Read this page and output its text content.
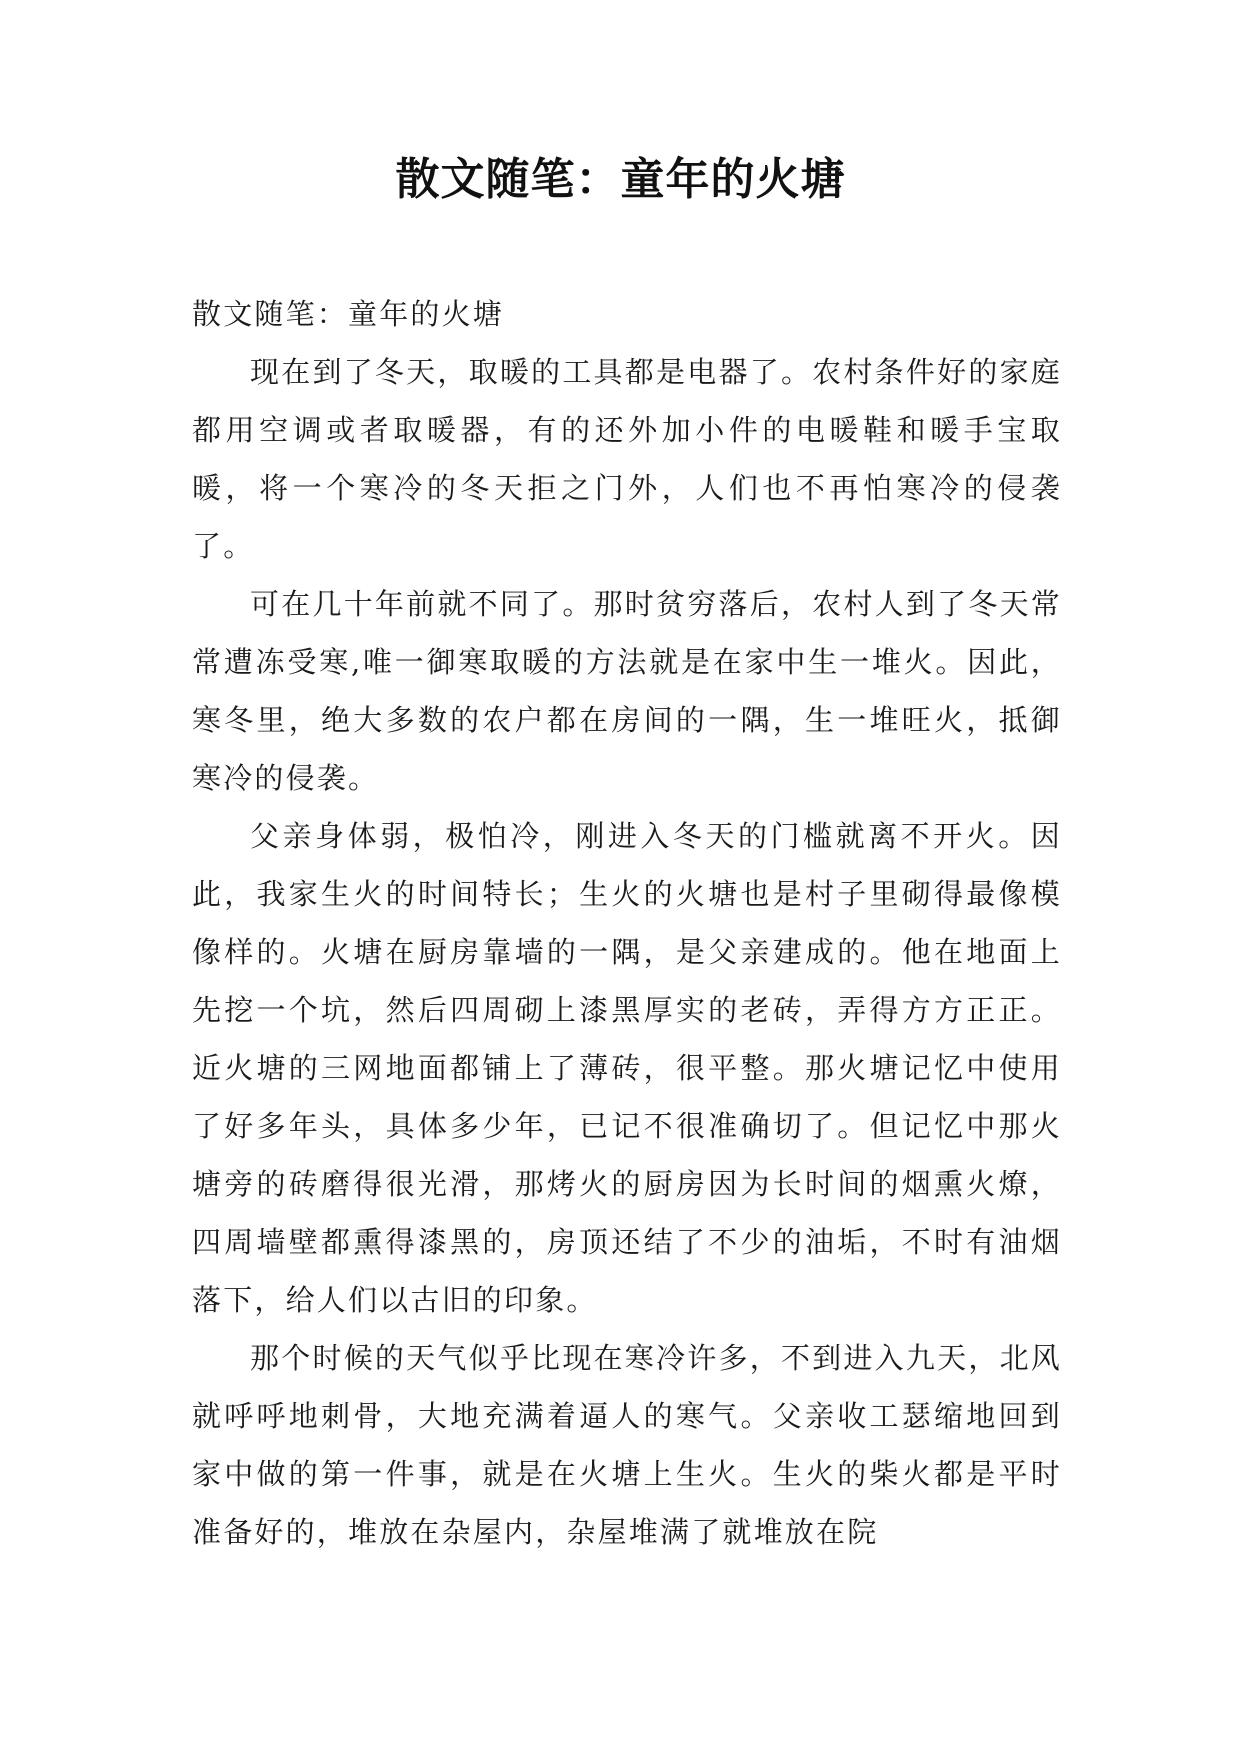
散文随笔：童年的火塘

散文随笔：童年的火塘

现在到了冬天，取暖的工具都是电器了。农村条件好的家庭都用空调或者取暖器，有的还外加小件的电暖鞋和暖手宝取暖，将一个寒冷的冬天拒之门外，人们也不再怕寒冷的侵袭了。

可在几十年前就不同了。那时贫穷落后，农村人到了冬天常常遭冻受寒,唯一御寒取暖的方法就是在家中生一堆火。因此，寒冬里，绝大多数的农户都在房间的一隅，生一堆旺火，抵御寒冷的侵袭。

父亲身体弱，极怕冷，刚进入冬天的门槛就离不开火。因此，我家生火的时间特长；生火的火塘也是村子里砌得最像模像样的。火塘在厨房靠墙的一隅，是父亲建成的。他在地面上先挖一个坑，然后四周砌上漆黑厚实的老砖，弄得方方正正。近火塘的三网地面都铺上了薄砖，很平整。那火塘记忆中使用了好多年头，具体多少年，已记不很准确切了。但记忆中那火塘旁的砖磨得很光滑，那烤火的厨房因为长时间的烟熏火燎，四周墙壁都熏得漆黑的，房顶还结了不少的油垢，不时有油烟落下，给人们以古旧的印象。

那个时候的天气似乎比现在寒冷许多，不到进入九天，北风就呼呼地刺骨，大地充满着逼人的寒气。父亲收工瑟缩地回到家中做的第一件事，就是在火塘上生火。生火的柴火都是平时准备好的，堆放在杂屋内，杂屋堆满了就堆放在院
